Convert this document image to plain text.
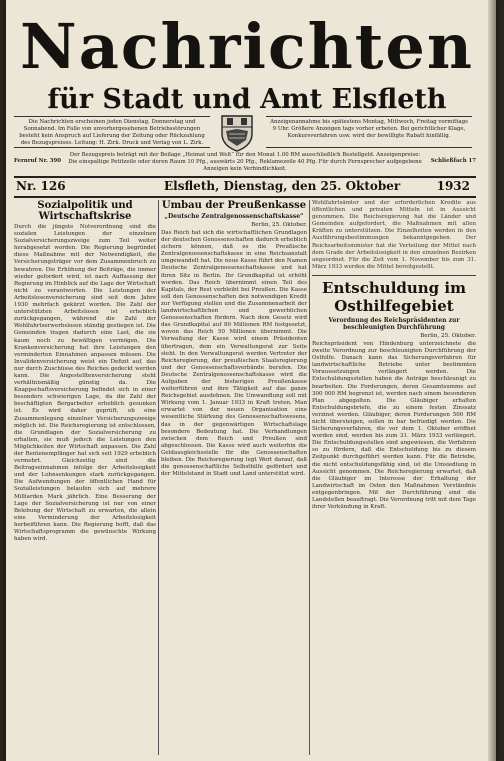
Nachrichten
für Stadt und Amt Elsfleth
Die Nachrichten erscheinen jeden Dienstag, Donnerstag und Sonnabend. Im Falle von unvorhergesehenen Betriebsstörungen besteht kein Anspruch auf Lieferung der Zeitung oder Rückzahlung des Bezugspreises. Leitung: H. Zirk. Druck und Verlag von L. Zirk.
Anzeigenannahme bis spätestens Montag, Mittwoch, Freitag vormittags 9 Uhr. Größere Anzeigen tags vorher erbeten. Bei gerichtlicher Klage, Konkursverfahren usw. wird der bewilligte Rabatt hinfällig.
Fernruf Nr. 390
Der Bezugspreis beträgt mit der Beilage „Heimat und Welt“ für den Monat 1.00 RM ausschließlich Bestellgeld. Anzeigenpreise: Die einspaltige Petitzeile oder deren Raum 10 Pfg., auswärts 20 Pfg., Reklamezeile 40 Pfg. Für durch Fernsprecher aufgegebene Anzeigen kein Verbindlichkeit.
Schließfach 17
Nr. 126	Elsfleth, Dienstag, den 25. Oktober	1932
Sozialpolitik und Wirtschaftskrise

Durch die jüngste Notverordnung sind die sozialen Leistungen der einzelnen Sozialversicherungszweige zum Teil weiter herabgesetzt worden. Die Regierung begründet diese Maßnahme mit der Notwendigkeit, die Versicherungsträger vor dem Zusammenbruch zu bewahren. Die Erhöhung der Beiträge, die immer wieder gefordert wird, ist nach Auffassung der Regierung im Hinblick auf die Lage der Wirtschaft nicht zu verantworten. Die Leistungen der Arbeitslosenversicherung sind seit dem Jahre 1930 mehrfach gekürzt worden. Die Zahl der unterstützten Arbeitslosen ist erheblich zurückgegangen, während die Zahl der Wohlfahrtserwerbslosen ständig gestiegen ist. Die Gemeinden tragen dadurch eine Last, die sie kaum noch zu bewältigen vermögen. Die Krankenversicherung hat ihre Leistungen den verminderten Einnahmen anpassen müssen. Die Invalidenversicherung weist ein Defizit auf, das nur durch Zuschüsse des Reiches gedeckt werden kann. Die Angestelltenversicherung steht verhältnismäßig günstig da. Die Knappschaftsversicherung befindet sich in einer besonders schwierigen Lage, da die Zahl der beschäftigten Bergarbeiter erheblich gesunken ist. Es wird daher geprüft, ob eine Zusammenlegung einzelner Versicherungszweige möglich ist. Die Reichsregierung ist entschlossen, die Grundlagen der Sozialversicherung zu erhalten, sie muß jedoch die Leistungen den Möglichkeiten der Wirtschaft anpassen. Die Zahl der Rentenempfänger hat sich seit 1929 erheblich vermehrt. Gleichzeitig sind die Beitragseinnahmen infolge der Arbeitslosigkeit und der Lohnsenkungen stark zurückgegangen. Die Aufwendungen der öffentlichen Hand für Sozialleistungen belaufen sich auf mehrere Milliarden Mark jährlich. Eine Besserung der Lage der Sozialversicherung ist nur von einer Belebung der Wirtschaft zu erwarten, die allein eine Verminderung der Arbeitslosigkeit herbeiführen kann. Die Regierung hofft, daß das Wirtschaftsprogramm die gewünschte Wirkung haben wird.

Umbau der Preußenkasse
„Deutsche Zentralgenossenschaftskasse“
Berlin, 25. Oktober.

Das Reich hat sich die wirtschaftlichen Grundlagen der deutschen Genossenschaften dadurch erheblich sichern können, daß es die Preußische Zentralgenossenschaftskasse in eine Reichsanstalt umgewandelt hat. Die neue Kasse führt den Namen Deutsche Zentralgenossenschaftskasse und hat ihren Sitz in Berlin. Ihr Grundkapital ist erhöht worden. Das Reich übernimmt einen Teil des Kapitals, der Rest verbleibt bei Preußen. Die Kasse soll den Genossenschaften den notwendigen Kredit zur Verfügung stellen und die Zusammenarbeit der landwirtschaftlichen und gewerblichen Genossenschaften fördern. Nach dem Gesetz wird das Grundkapital auf 80 Millionen RM festgesetzt, wovon das Reich 50 Millionen übernimmt. Die Verwaltung der Kasse wird einem Präsidenten übertragen, dem ein Verwaltungsrat zur Seite steht. In den Verwaltungsrat werden Vertreter der Reichsregierung, der preußischen Staatsregierung und der Genossenschaftsverbände berufen. Die Deutsche Zentralgenossenschaftskasse wird die Aufgaben der bisherigen Preußenkasse weiterführen und ihre Tätigkeit auf das ganze Reichsgebiet ausdehnen. Die Umwandlung soll mit Wirkung vom 1. Januar 1933 in Kraft treten. Man erwartet von der neuen Organisation eine wesentliche Stärkung des Genossenschaftswesens, das in der gegenwärtigen Wirtschaftslage besondere Bedeutung hat. Die Verhandlungen zwischen dem Reich und Preußen sind abgeschlossen. Die Kasse wird auch weiterhin die Geldausgleichsstelle für die Genossenschaften bleiben. Die Reichsregierung legt Wert darauf, daß die genossenschaftliche Selbsthilfe gefördert und der Mittelstand in Stadt und Land unterstützt wird.

Wohlfahrtsämter und der erforderlichen Kredite aus öffentlichen und privaten Mitteln ist in Aussicht genommen. Die Reichsregierung hat die Länder und Gemeinden aufgefordert, die Maßnahmen mit allen Kräften zu unterstützen. Die Einzelheiten werden in den Ausführungsbestimmungen bekanntgegeben. Der Reichsarbeitsminister hat die Verteilung der Mittel nach dem Grade der Arbeitslosigkeit in den einzelnen Bezirken angeordnet. Für die Zeit vom 1. November bis zum 31. März 1933 werden die Mittel bereitgestellt.

Entschuldung im Osthilfegebiet
Verordnung des Reichspräsidenten zur beschleunigten Durchführung
Berlin, 25. Oktober.

Reichspräsident von Hindenburg unterzeichnete die zweite Verordnung zur beschleunigten Durchführung der Osthilfe. Danach kann das Sicherungsverfahren für landwirtschaftliche Betriebe unter bestimmten Voraussetzungen verlängert werden. Die Entschuldungsstellen haben die Anträge beschleunigt zu bearbeiten. Die Forderungen, deren Gesamtsumme auf 300 000 RM begrenzt ist, werden nach einem besonderen Plan abgegolten. Die Gläubiger erhalten Entschuldungsbriefe, die zu einem festen Zinssatz verzinst werden. Gläubiger, deren Forderungen 500 RM nicht übersteigen, sollen in bar befriedigt werden. Die Sicherungsverfahren, die vor dem 1. Oktober eröffnet worden sind, werden bis zum 31. März 1933 verlängert. Die Entschuldungsstellen sind angewiesen, die Verfahren so zu fördern, daß die Entschuldung bis zu diesem Zeitpunkt durchgeführt werden kann. Für die Betriebe, die nicht entschuldungsfähig sind, ist die Umsiedlung in Aussicht genommen. Die Reichsregierung erwartet, daß die Gläubiger im Interesse der Erhaltung der Landwirtschaft im Osten den Maßnahmen Verständnis entgegenbringen. Mit der Durchführung sind die Landstellen beauftragt. Die Verordnung tritt mit dem Tage ihrer Verkündung in Kraft.
